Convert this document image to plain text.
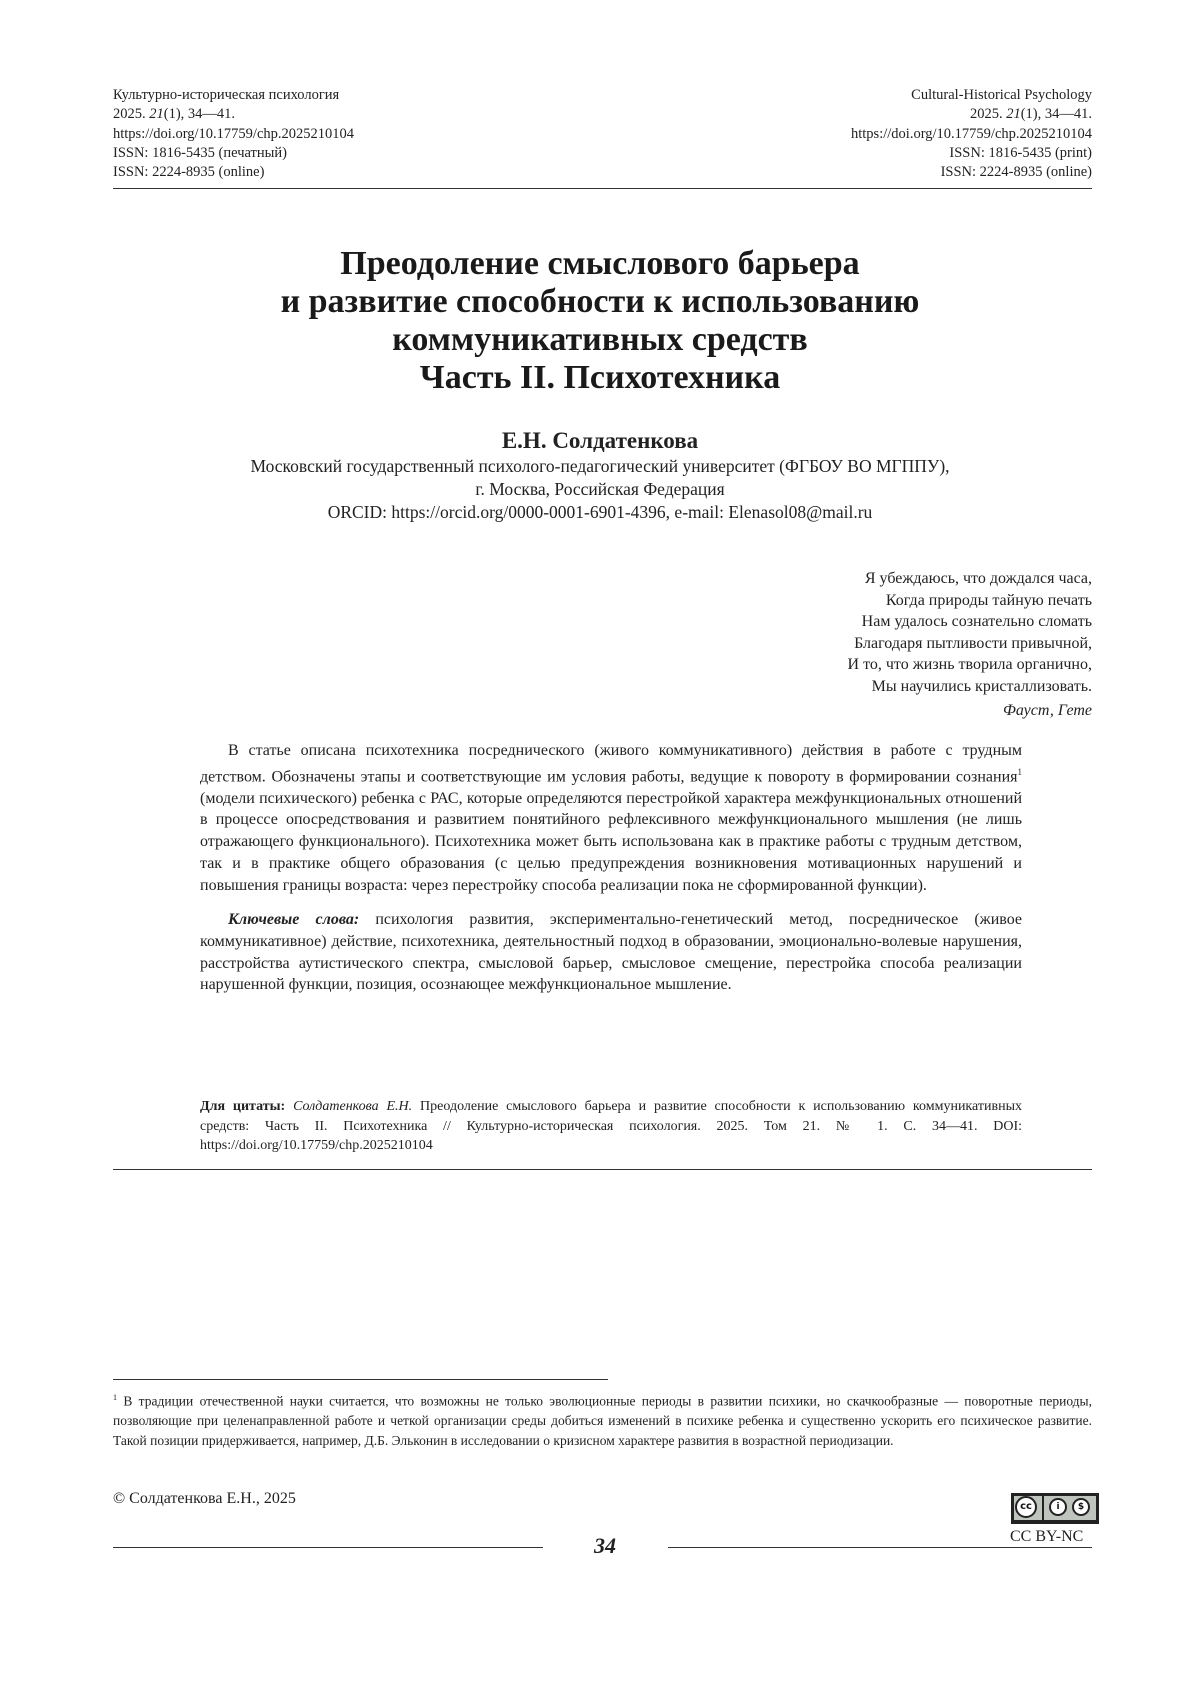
Культурно-историческая психология
2025. 21(1), 34—41.
https://doi.org/10.17759/chp.2025210104
ISSN: 1816-5435 (печатный)
ISSN: 2224-8935 (online)
Cultural-Historical Psychology
2025. 21(1), 34—41.
https://doi.org/10.17759/chp.2025210104
ISSN: 1816-5435 (print)
ISSN: 2224-8935 (online)
Преодоление смыслового барьера
и развитие способности к использованию
коммуникативных средств
Часть II. Психотехника
Е.Н. Солдатенкова
Московский государственный психолого-педагогический университет (ФГБОУ ВО МГППУ),
г. Москва, Российская Федерация
ORCID: https://orcid.org/0000-0001-6901-4396, e-mail: Elenasol08@mail.ru
Я убеждаюсь, что дождался часа,
Когда природы тайную печать
Нам удалось сознательно сломать
Благодаря пытливости привычной,
И то, что жизнь творила органично,
Мы научились кристаллизовать.
Фауст, Гете

В статье описана психотехника посреднического (живого коммуникативного) действия в работе с трудным детством. Обозначены этапы и соответствующие им условия работы, ведущие к повороту в формировании сознания1 (модели психического) ребенка с РАС, которые определяются перестройкой характера межфункциональных отношений в процессе опосредствования и развитием понятийного рефлексивного межфункционального мышления (не лишь отражающего функционального). Психотехника может быть использована как в практике работы с трудным детством, так и в практике общего образования (с целью предупреждения возникновения мотивационных нарушений и повышения границы возраста: через перестройку способа реализации пока не сформированной функции).

Ключевые слова: психология развития, экспериментально-генетический метод, посредническое (живое коммуникативное) действие, психотехника, деятельностный подход в образовании, эмоционально-волевые нарушения, расстройства аутистического спектра, смысловой барьер, смысловое смещение, перестройка способа реализации нарушенной функции, позиция, осознающее межфункциональное мышление.

Для цитаты: Солдатенкова Е.Н. Преодоление смыслового барьера и развитие способности к использованию коммуникативных средств: Часть II. Психотехника // Культурно-историческая психология. 2025. Том 21. № 1. С. 34—41. DOI: https://doi.org/10.17759/chp.2025210104
1 В традиции отечественной науки считается, что возможны не только эволюционные периоды в развитии психики, но скачкообразные — поворотные периоды, позволяющие при целенаправленной работе и четкой организации среды добиться изменений в психике ребенка и существенно ускорить его психическое развитие. Такой позиции придерживается, например, Д.Б. Эльконин в исследовании о кризисном характере развития в возрастной периодизации.
© Солдатенкова Е.Н., 2025	cc	i	$
CC BY-NC
34
